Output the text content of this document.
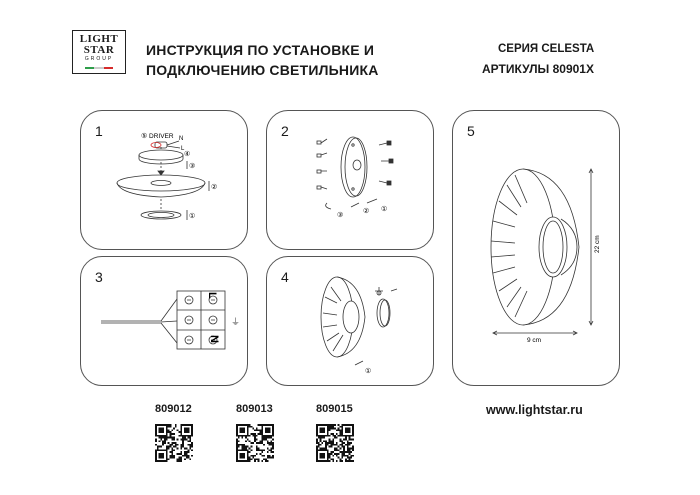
LIGHT
STAR
GROUP
ИНСТРУКЦИЯ ПО УСТАНОВКЕ И
ПОДКЛЮЧЕНИЮ СВЕТИЛЬНИКА
СЕРИЯ CELESTA
АРТИКУЛЫ 80901X
1	DRIVER N
L
⑤
④
③
②
①
2
③
② ①
5
22 cm
9 cm
3
L
⏚
N
4
①
809012	809013	809015	www.lightstar.ru
